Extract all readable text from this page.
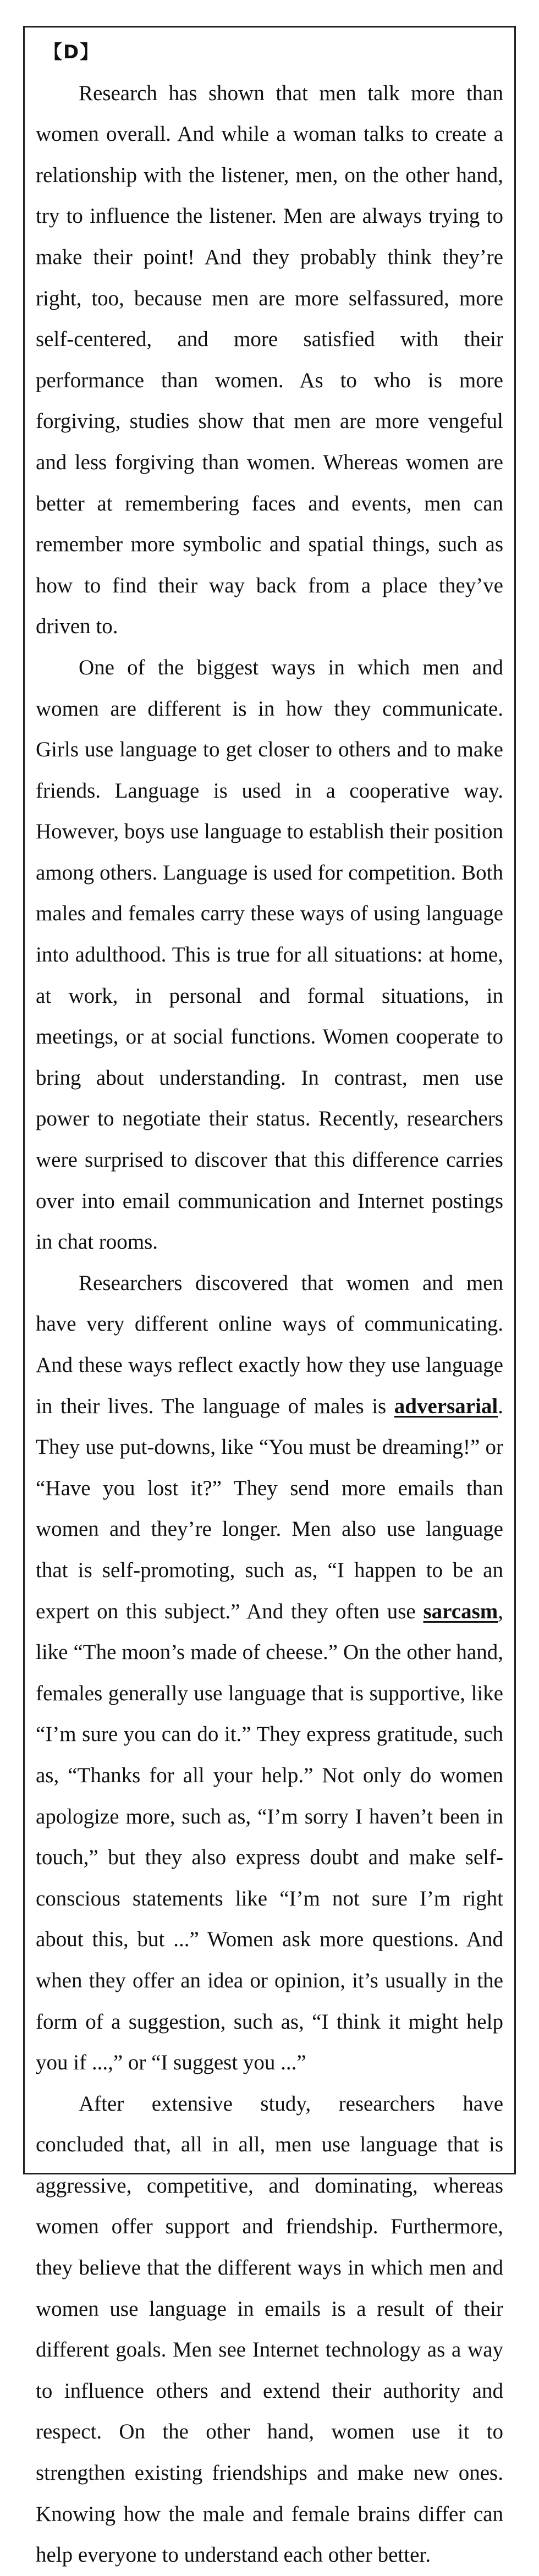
【D】

Research has shown that men talk more than women overall. And while a woman talks to create a relationship with the listener, men, on the other hand, try to influence the listener. Men are always trying to make their point! And they probably think they’re right, too, because men are more selfassured, more self-centered, and more satisfied with their performance than women. As to who is more forgiving, studies show that men are more vengeful and less forgiving than women. Whereas women are better at remembering faces and events, men can remember more symbolic and spatial things, such as how to find their way back from a place they’ve driven to.

One of the biggest ways in which men and women are different is in how they communicate. Girls use language to get closer to others and to make friends. Language is used in a cooperative way. However, boys use language to establish their position among others. Language is used for competition. Both males and females carry these ways of using language into adulthood. This is true for all situations: at home, at work, in personal and formal situations, in meetings, or at social functions. Women cooperate to bring about understanding. In contrast, men use power to negotiate their status. Recently, researchers were surprised to discover that this difference carries over into email communication and Internet postings in chat rooms.

Researchers discovered that women and men have very different online ways of communicating. And these ways reflect exactly how they use language in their lives. The language of males is adversarial. They use put-downs, like “You must be dreaming!” or “Have you lost it?” They send more emails than women and they’re longer. Men also use language that is self-promoting, such as, “I happen to be an expert on this subject.” And they often use sarcasm, like “The moon’s made of cheese.” On the other hand, females generally use language that is supportive, like “I’m sure you can do it.” They express gratitude, such as, “Thanks for all your help.” Not only do women apologize more, such as, “I’m sorry I haven’t been in touch,” but they also express doubt and make self-conscious statements like “I’m not sure I’m right about this, but ...” Women ask more questions. And when they offer an idea or opinion, it’s usually in the form of a suggestion, such as, “I think it might help you if ...,” or “I suggest you ...”

After extensive study, researchers have concluded that, all in all, men use language that is aggressive, competitive, and dominating, whereas women offer support and friendship. Furthermore, they believe that the different ways in which men and women use language in emails is a result of their different goals. Men see Internet technology as a way to influence others and extend their authority and respect. On the other hand, women use it to strengthen existing friendships and make new ones. Knowing how the male and female brains differ can help everyone to understand each other better.
